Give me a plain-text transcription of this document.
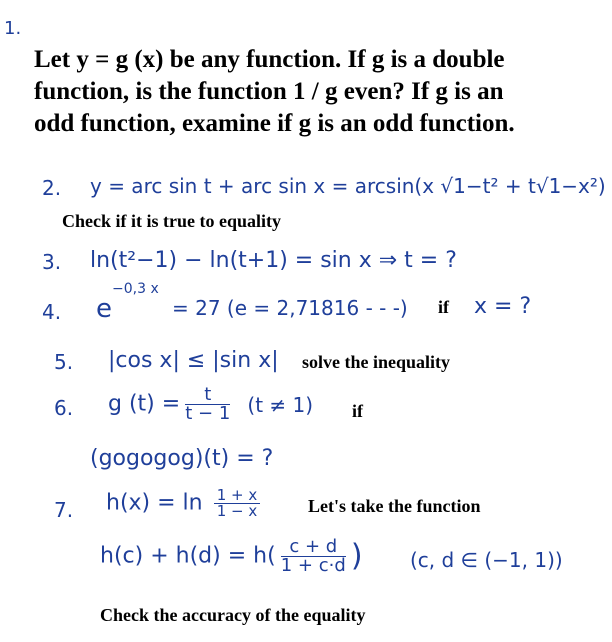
1.
Let y = g (x) be any function. If g is a double
function, is the function 1 / g even? If g is an
odd function, examine if g is an odd function.
2. y = arc sin t + arc sin x = arcsin(x √1−t² + t√1−x²)
Check if it is true to equality
3. ln(t²−1) − ln(t+1) = sin x ⇒ t = ?
4. e
−0,3 x
= 27 (e = 2,71816 - - -) if x = ?
5. |cos x| ≤ |sin x| solve the inequality
6. g $(t) = \frac{t}{t - 1} (t \ne 1)$ if
(gogogog)(t) = ?
7. $h(x) = \ln \frac{1 + x}{1 - x}$	Let's take the function
$h(c) + h(d) = h( \frac{c + d}{1 + c\cdot d}$ ) (c, d ∈ (−1, 1))
Check the accuracy of the equality
